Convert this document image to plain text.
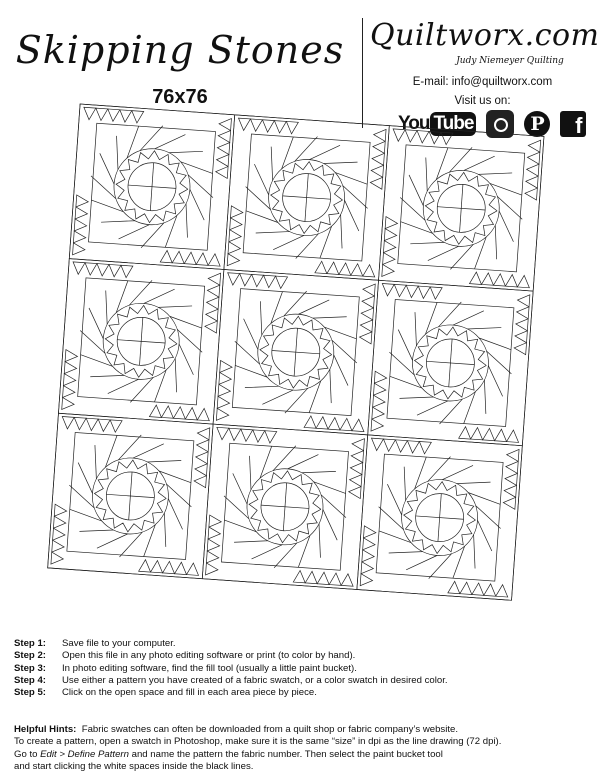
Skipping Stones
76x76
Quiltworx.com
Judy Niemeyer Quilting
E-mail: info@quiltworx.com
Visit us on:
You Tube	P	f
Step 1: Save file to your computer.
Step 2: Open this file in any photo editing software or print (to color by hand).
Step 3: In photo editing software, find the fill tool (usually a little paint bucket).
Step 4: Use either a pattern you have created of a fabric swatch, or a color swatch in desired color.
Step 5: Click on the open space and fill in each area piece by piece.
Helpful Hints: Fabric swatches can often be downloaded from a quilt shop or fabric company’s website.
To create a pattern, open a swatch in Photoshop, make sure it is the same “size” in dpi as the line drawing (72 dpi).
Go to Edit > Define Pattern and name the pattern the fabric number. Then select the paint bucket tool
and start clicking the white spaces inside the black lines.
